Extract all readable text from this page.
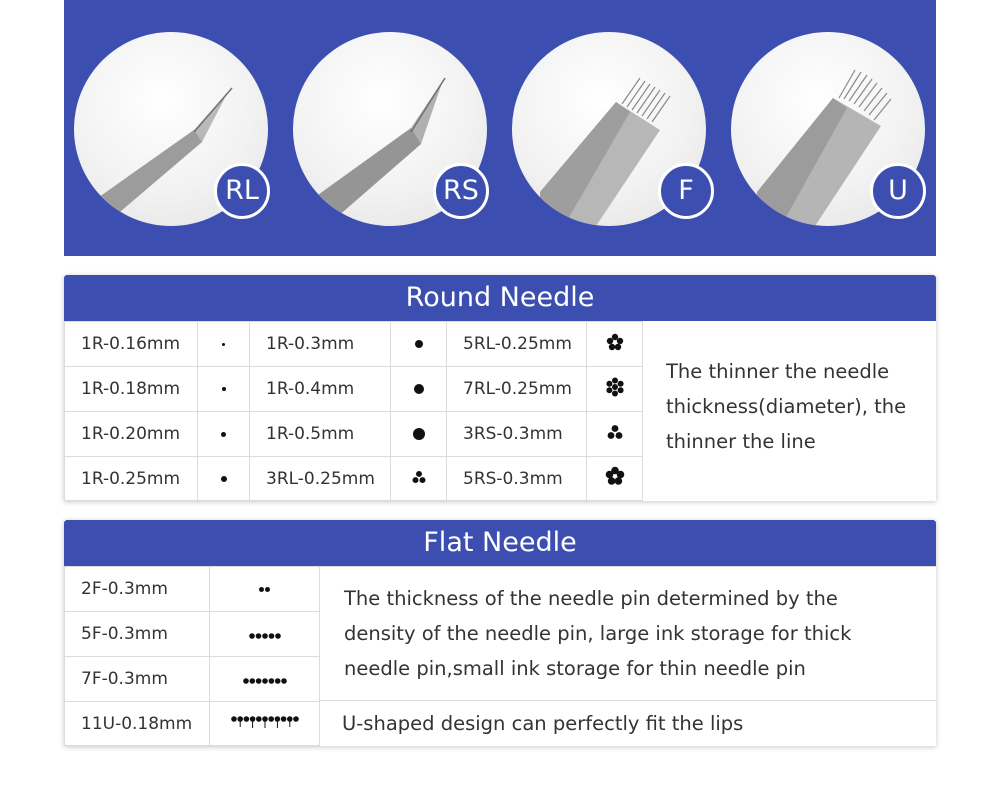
RL	RS	F	U
Round Needle
1R-0.16mm		1R-0.3mm		5RL-0.25mm	
1R-0.18mm		1R-0.4mm		7RL-0.25mm	
1R-0.20mm		1R-0.5mm		3RS-0.3mm	
1R-0.25mm		3RL-0.25mm		5RS-0.3mm	
The thinner the needle thickness(diameter), the thinner the line
Flat Needle
2F-0.3mm	
5F-0.3mm	
7F-0.3mm	
11U-0.18mm	
The thickness of the needle pin determined by the density of the needle pin, large ink storage for thick needle pin,small ink storage for thin needle pin
U-shaped design can perfectly fit the lips
